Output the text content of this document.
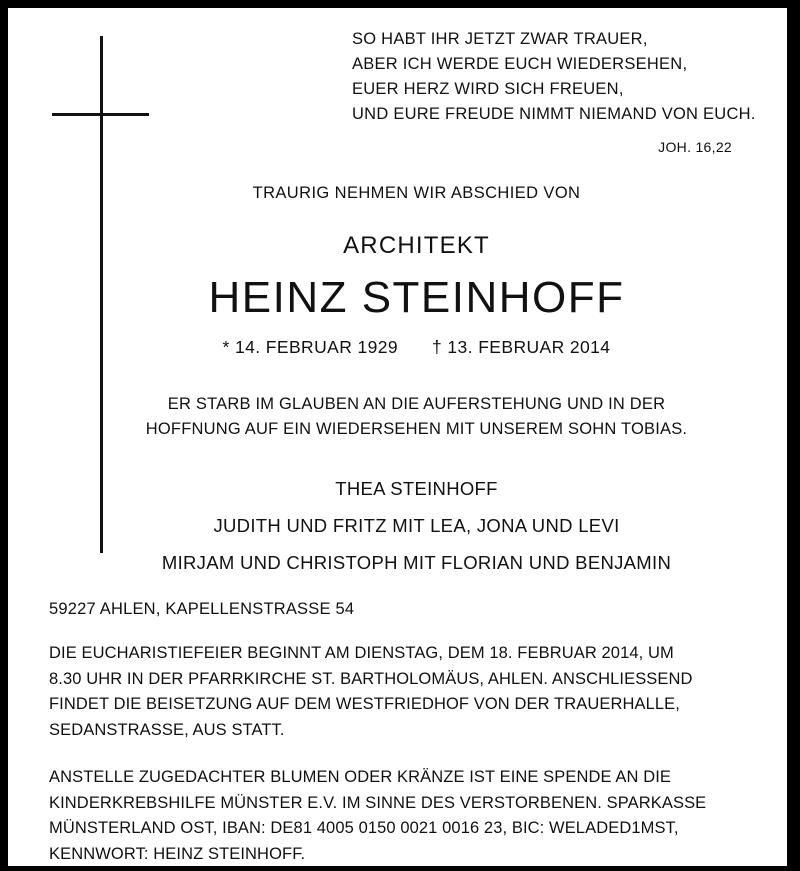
SO HABT IHR JETZT ZWAR TRAUER,
ABER ICH WERDE EUCH WIEDERSEHEN,
EUER HERZ WIRD SICH FREUEN,
UND EURE FREUDE NIMMT NIEMAND VON EUCH.
JOH. 16,22
TRAURIG NEHMEN WIR ABSCHIED VON
ARCHITEKT
HEINZ STEINHOFF
* 14. FEBRUAR 1929 † 13. FEBRUAR 2014
ER STARB IM GLAUBEN AN DIE AUFERSTEHUNG UND IN DER
HOFFNUNG AUF EIN WIEDERSEHEN MIT UNSEREM SOHN TOBIAS.
THEA STEINHOFF
JUDITH UND FRITZ MIT LEA, JONA UND LEVI
MIRJAM UND CHRISTOPH MIT FLORIAN UND BENJAMIN
59227 AHLEN, KAPELLENSTRASSE 54
DIE EUCHARISTIEFEIER BEGINNT AM DIENSTAG, DEM 18. FEBRUAR 2014, UM
8.30 UHR IN DER PFARRKIRCHE ST. BARTHOLOMÄUS, AHLEN. ANSCHLIESSEND
FINDET DIE BEISETZUNG AUF DEM WESTFRIEDHOF VON DER TRAUERHALLE,
SEDANSTRASSE, AUS STATT.
ANSTELLE ZUGEDACHTER BLUMEN ODER KRÄNZE IST EINE SPENDE AN DIE
KINDERKREBSHILFE MÜNSTER E.V. IM SINNE DES VERSTORBENEN. SPARKASSE
MÜNSTERLAND OST, IBAN: DE81 4005 0150 0021 0016 23, BIC: WELADED1MST,
KENNWORT: HEINZ STEINHOFF.
